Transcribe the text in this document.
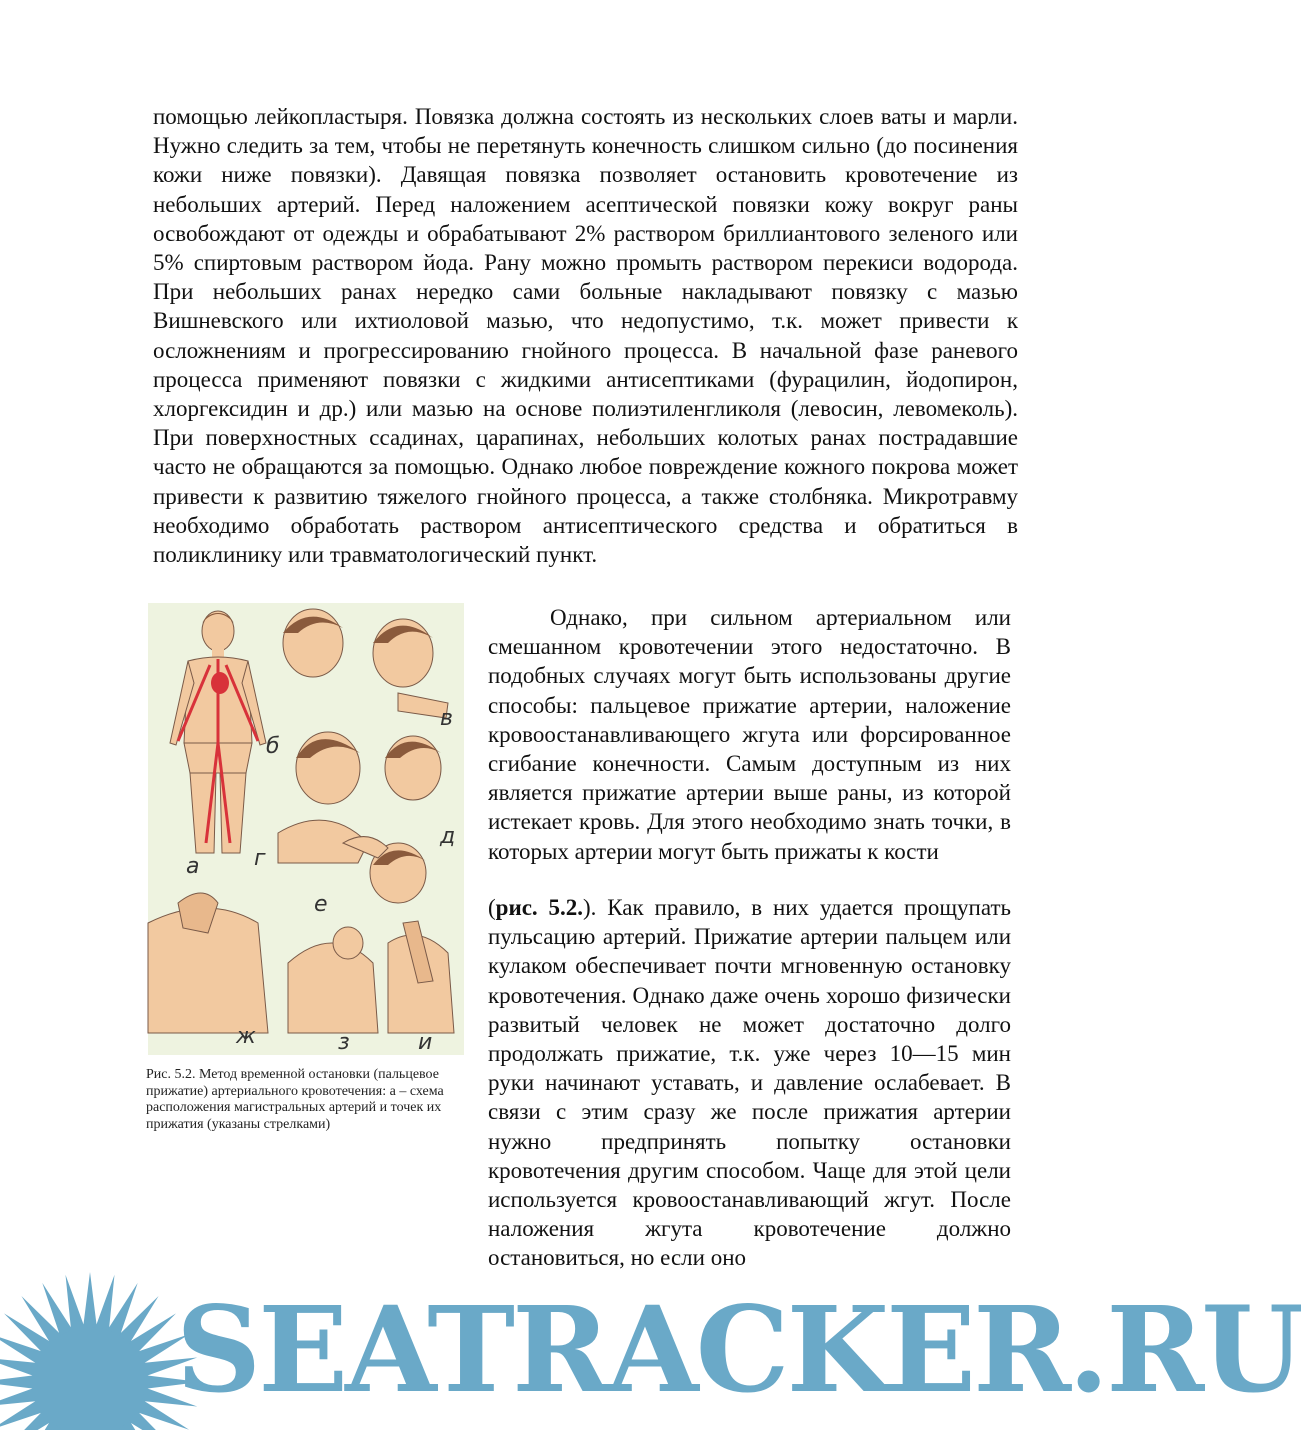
помощью лейкопластыря. Повязка должна состоять из нескольких слоев ваты и марли. Нужно следить за тем, чтобы не перетянуть конечность слишком сильно (до посинения кожи ниже повязки). Давящая повязка позволяет остановить кровотечение из небольших артерий. Перед наложением асептической повязки кожу вокруг раны освобождают от одежды и обрабатывают 2% раствором бриллиантового зеленого или 5% спиртовым раствором йода. Рану можно промыть раствором перекиси водорода. При небольших ранах нередко сами больные накладывают повязку с мазью Вишневского или ихтиоловой мазью, что недопустимо, т.к. может привести к осложнениям и прогрессированию гнойного процесса. В начальной фазе раневого процесса применяют повязки с жидкими антисептиками (фурацилин, йодопирон, хлоргексидин и др.) или мазью на основе полиэтиленгликоля (левосин, левомеколь). При поверхностных ссадинах, царапинах, небольших колотых ранах пострадавшие часто не обращаются за помощью. Однако любое повреждение кожного покрова может привести к развитию тяжелого гнойного процесса, а также столбняка. Микротравму необходимо обработать раствором антисептического средства и обратиться в поликлинику или травматологический пункт.

а
б
в
г
д
е
ж	з	и
Рис. 5.2. Метод временной остановки (пальцевое прижатие) артериального кровотечения: а – схема расположения магистральных артерий и точек их прижатия (указаны стрелками)

Однако, при сильном артериальном или смешанном кровотечении этого недостаточно. В подобных случаях могут быть использованы другие способы: пальцевое прижатие артерии, наложение кровоостанавливающего жгута или форсированное сгибание конечности. Самым доступным из них является прижатие артерии выше раны, из которой истекает кровь. Для этого необходимо знать точки, в которых артерии могут быть прижаты к кости

(рис. 5.2.). Как правило, в них удается прощупать пульсацию артерий. Прижатие артерии пальцем или кулаком обеспечивает почти мгновенную остановку кровотечения. Однако даже очень хорошо физически развитый человек не может достаточно долго продолжать прижатие, т.к. уже через 10—15 мин руки начинают уставать, и давление ослабевает. В связи с этим сразу же после прижатия артерии нужно предпринять попытку остановки кровотечения другим способом. Чаще для этой цели используется кровоостанавливающий жгут. После наложения жгута кровотечение должно остановиться, но если оно

SEATRACKER.RU
